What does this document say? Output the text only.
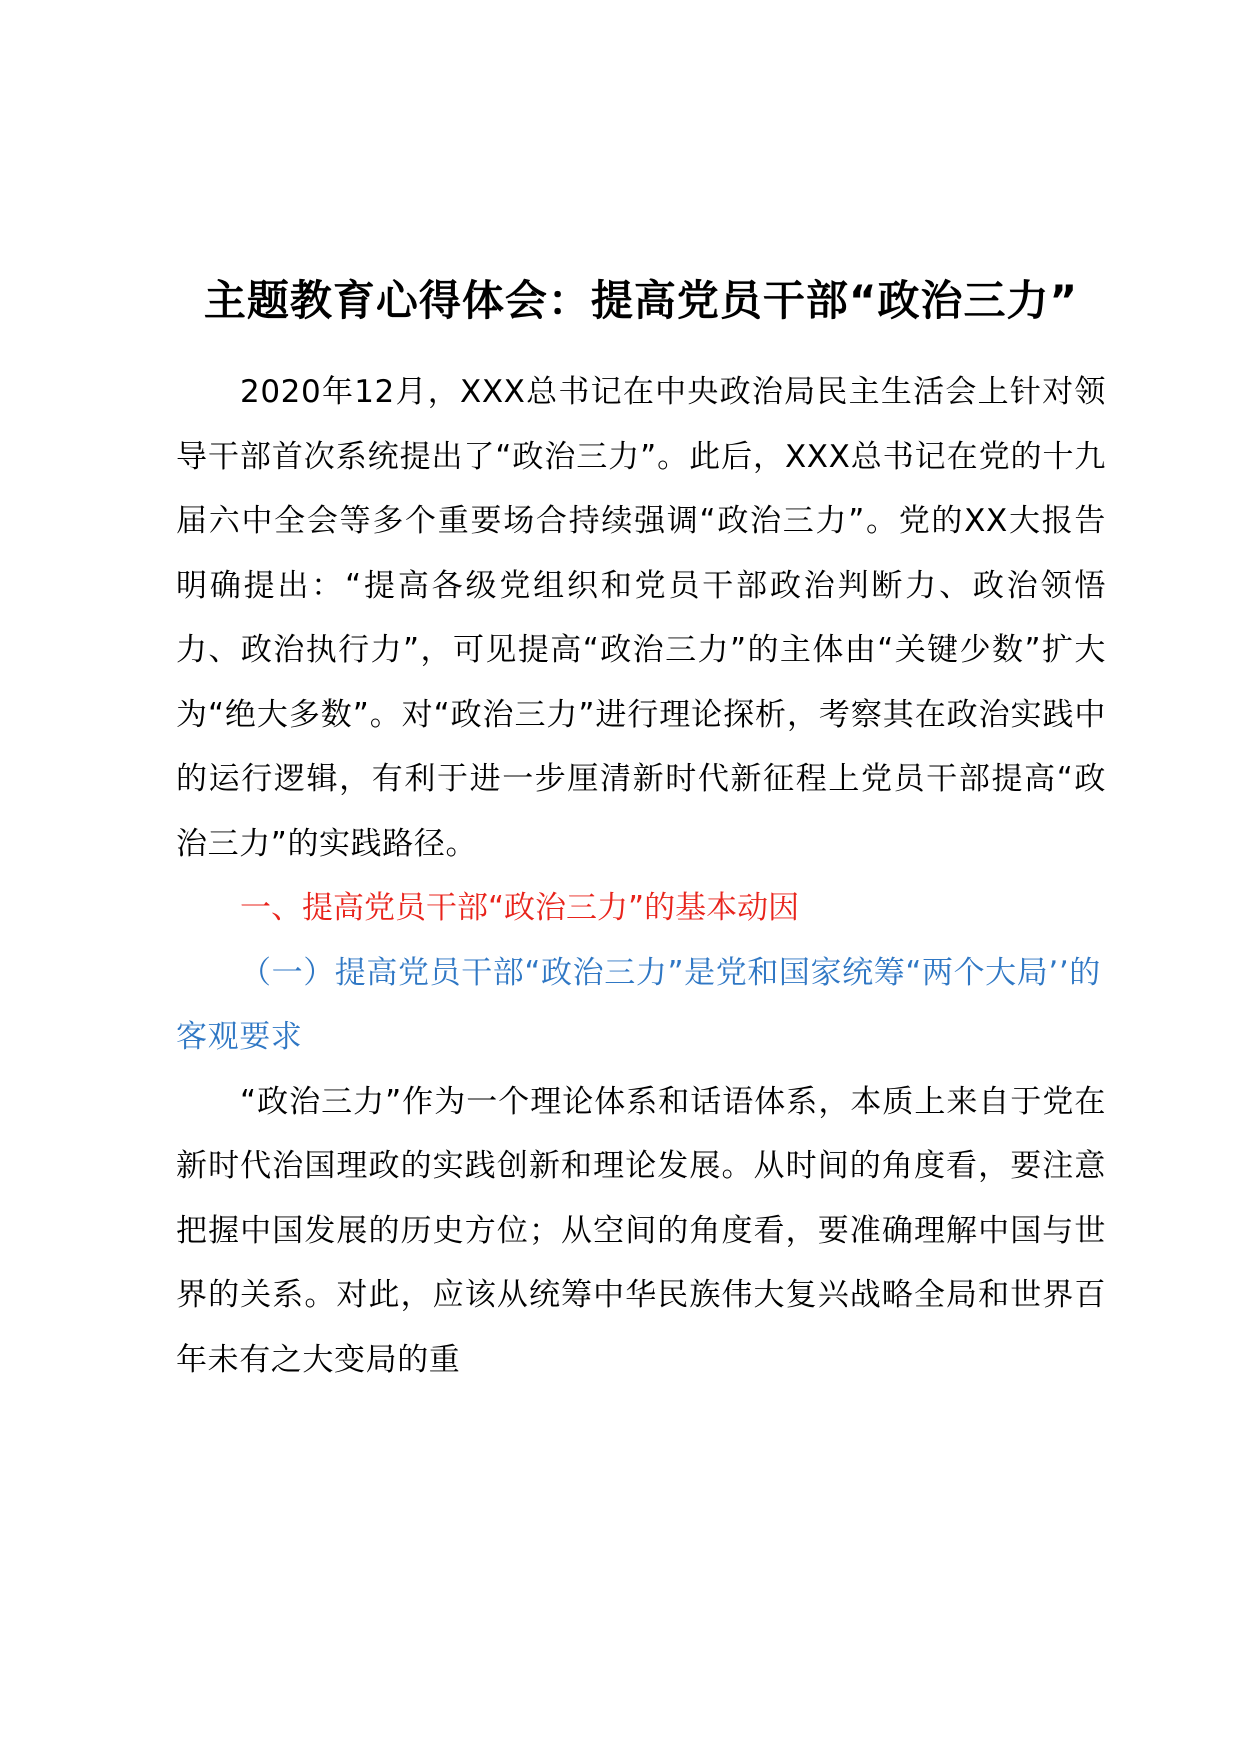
主题教育心得体会：提高党员干部“政治三力”

2020年12月，XXX总书记在中央政治局民主生活会上针对领导干部首次系统提出了“政治三力”。此后，XXX总书记在党的十九届六中全会等多个重要场合持续强调“政治三力”。党的XX大报告明确提出：“提高各级党组织和党员干部政治判断力、政治领悟力、政治执行力”，可见提高“政治三力”的主体由“关键少数”扩大为“绝大多数”。对“政治三力”进行理论探析，考察其在政治实践中的运行逻辑，有利于进一步厘清新时代新征程上党员干部提高“政治三力”的实践路径。

一、提高党员干部“政治三力”的基本动因

（一）提高党员干部“政治三力”是党和国家统筹“两个大局’’的客观要求

“政治三力”作为一个理论体系和话语体系，本质上来自于党在新时代治国理政的实践创新和理论发展。从时间的角度看，要注意把握中国发展的历史方位；从空间的角度看，要准确理解中国与世界的关系。对此，应该从统筹中华民族伟大复兴战略全局和世界百年未有之大变局的重
